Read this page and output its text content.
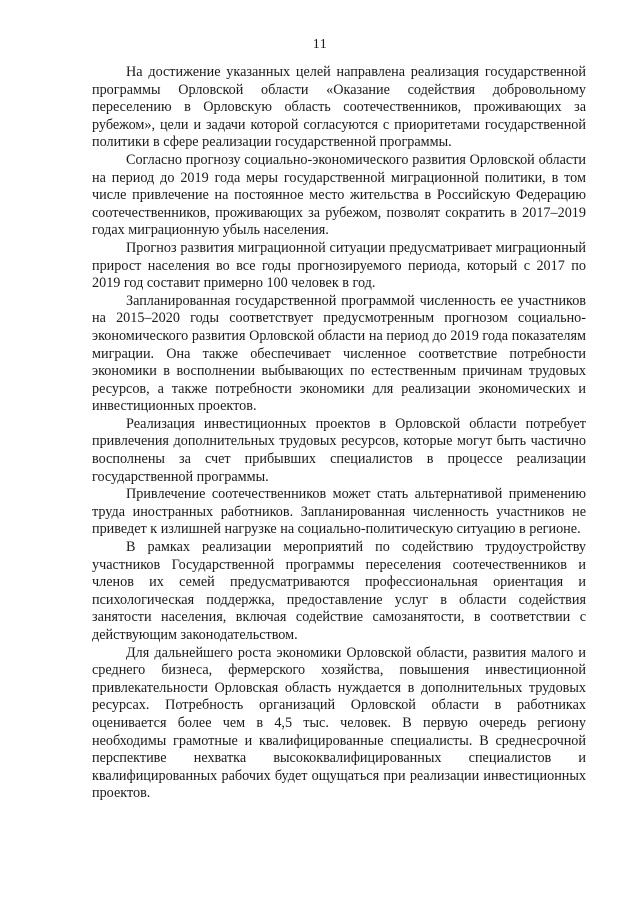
11

На достижение указанных целей направлена реализация государственной программы Орловской области «Оказание содействия добровольному переселению в Орловскую область соотечественников, проживающих за рубежом», цели и задачи которой согласуются с приоритетами государственной политики в сфере реализации государственной программы.

Согласно прогнозу социально-экономического развития Орловской области на период до 2019 года меры государственной миграционной политики, в том числе привлечение на постоянное место жительства в Российскую Федерацию соотечественников, проживающих за рубежом, позволят сократить в 2017–2019 годах миграционную убыль населения.

Прогноз развития миграционной ситуации предусматривает миграционный прирост населения во все годы прогнозируемого периода, который с 2017 по 2019 год составит примерно 100 человек в год.

Запланированная государственной программой численность ее участников на 2015–2020 годы соответствует предусмотренным прогнозом социально-экономического развития Орловской области на период до 2019 года показателям миграции. Она также обеспечивает численное соответствие потребности экономики в восполнении выбывающих по естественным причинам трудовых ресурсов, а также потребности экономики для реализации экономических и инвестиционных проектов.

Реализация инвестиционных проектов в Орловской области потребует привлечения дополнительных трудовых ресурсов, которые могут быть частично восполнены за счет прибывших специалистов в процессе реализации государственной программы.

Привлечение соотечественников может стать альтернативой применению труда иностранных работников. Запланированная численность участников не приведет к излишней нагрузке на социально-политическую ситуацию в регионе.

В рамках реализации мероприятий по содействию трудоустройству участников Государственной программы переселения соотечественников и членов их семей предусматриваются профессиональная ориентация и психологическая поддержка, предоставление услуг в области содействия занятости населения, включая содействие самозанятости, в соответствии с действующим законодательством.

Для дальнейшего роста экономики Орловской области, развития малого и среднего бизнеса, фермерского хозяйства, повышения инвестиционной привлекательности Орловская область нуждается в дополнительных трудовых ресурсах. Потребность организаций Орловской области в работниках оценивается более чем в 4,5 тыс. человек. В первую очередь региону необходимы грамотные и квалифицированные специалисты. В среднесрочной перспективе нехватка высококвалифицированных специалистов и квалифицированных рабочих будет ощущаться при реализации инвестиционных проектов.
